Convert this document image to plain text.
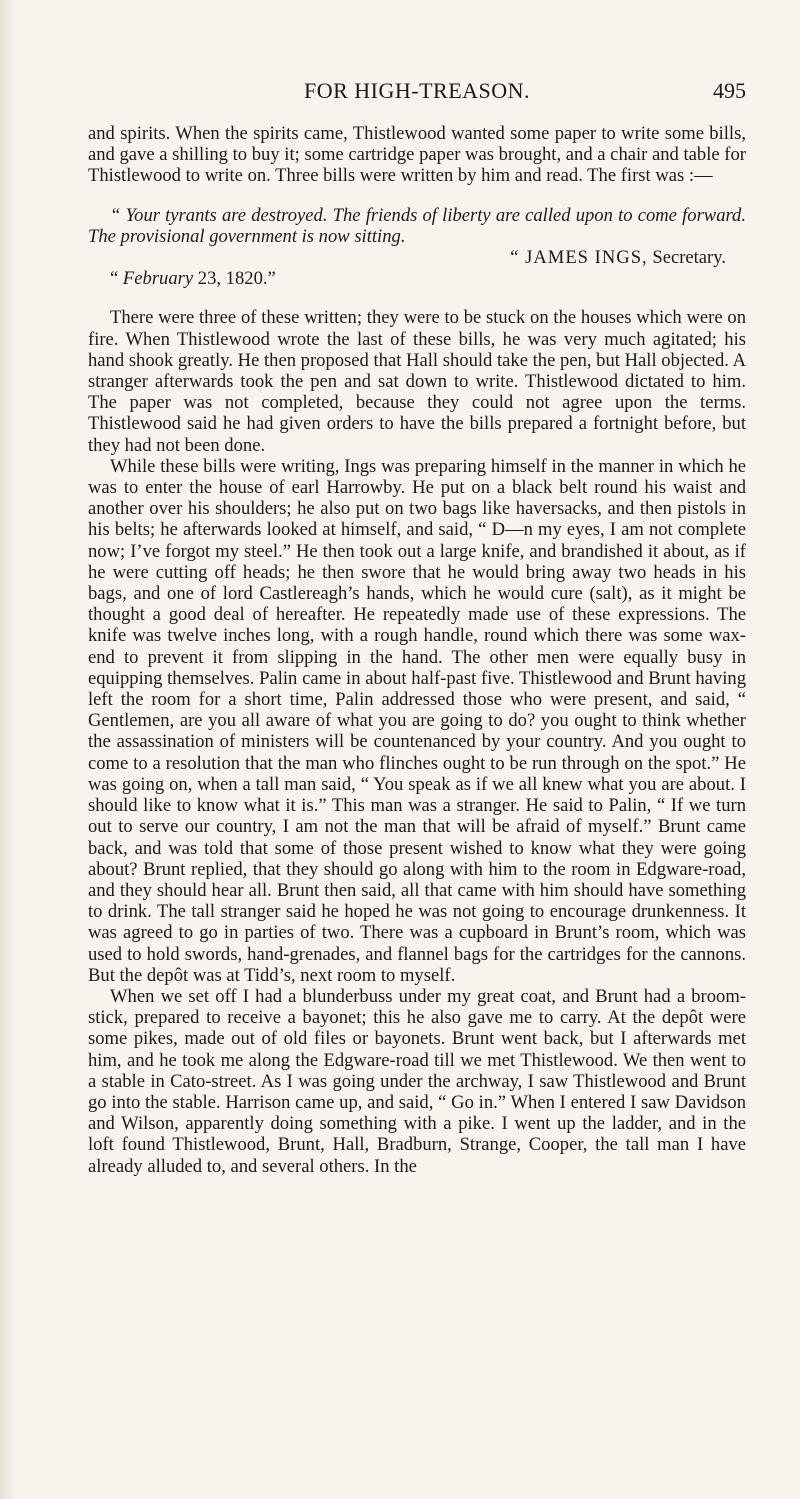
FOR HIGH-TREASON.	495

and spirits. When the spirits came, Thistlewood wanted some paper to write some bills, and gave a shilling to buy it; some cartridge paper was brought, and a chair and table for Thistlewood to write on. Three bills were written by him and read. The first was :—

“ Your tyrants are destroyed. The friends of liberty are called upon to come forward. The provisional government is now sitting.

“ JAMES INGS, Secretary.

“ February 23, 1820.”

There were three of these written; they were to be stuck on the houses which were on fire. When Thistlewood wrote the last of these bills, he was very much agitated; his hand shook greatly. He then proposed that Hall should take the pen, but Hall objected. A stranger afterwards took the pen and sat down to write. Thistlewood dictated to him. The paper was not completed, because they could not agree upon the terms. Thistlewood said he had given orders to have the bills prepared a fortnight before, but they had not been done.

While these bills were writing, Ings was preparing himself in the manner in which he was to enter the house of earl Harrowby. He put on a black belt round his waist and another over his shoulders; he also put on two bags like haversacks, and then pistols in his belts; he afterwards looked at himself, and said, “ D—n my eyes, I am not complete now; I’ve forgot my steel.” He then took out a large knife, and brandished it about, as if he were cutting off heads; he then swore that he would bring away two heads in his bags, and one of lord Castlereagh’s hands, which he would cure (salt), as it might be thought a good deal of hereafter. He repeatedly made use of these expressions. The knife was twelve inches long, with a rough handle, round which there was some wax-end to prevent it from slipping in the hand. The other men were equally busy in equipping themselves. Palin came in about half-past five. Thistlewood and Brunt having left the room for a short time, Palin addressed those who were present, and said, “ Gentlemen, are you all aware of what you are going to do? you ought to think whether the assassination of ministers will be countenanced by your country. And you ought to come to a resolution that the man who flinches ought to be run through on the spot.” He was going on, when a tall man said, “ You speak as if we all knew what you are about. I should like to know what it is.” This man was a stranger. He said to Palin, “ If we turn out to serve our country, I am not the man that will be afraid of myself.” Brunt came back, and was told that some of those present wished to know what they were going about? Brunt replied, that they should go along with him to the room in Edgware-road, and they should hear all. Brunt then said, all that came with him should have something to drink. The tall stranger said he hoped he was not going to encourage drunkenness. It was agreed to go in parties of two. There was a cupboard in Brunt’s room, which was used to hold swords, hand-grenades, and flannel bags for the cartridges for the cannons. But the depôt was at Tidd’s, next room to myself.

When we set off I had a blunderbuss under my great coat, and Brunt had a broom-stick, prepared to receive a bayonet; this he also gave me to carry. At the depôt were some pikes, made out of old files or bayonets. Brunt went back, but I afterwards met him, and he took me along the Edgware-road till we met Thistlewood. We then went to a stable in Cato-street. As I was going under the archway, I saw Thistlewood and Brunt go into the stable. Harrison came up, and said, “ Go in.” When I entered I saw Davidson and Wilson, apparently doing something with a pike. I went up the ladder, and in the loft found Thistlewood, Brunt, Hall, Bradburn, Strange, Cooper, the tall man I have already alluded to, and several others. In the
